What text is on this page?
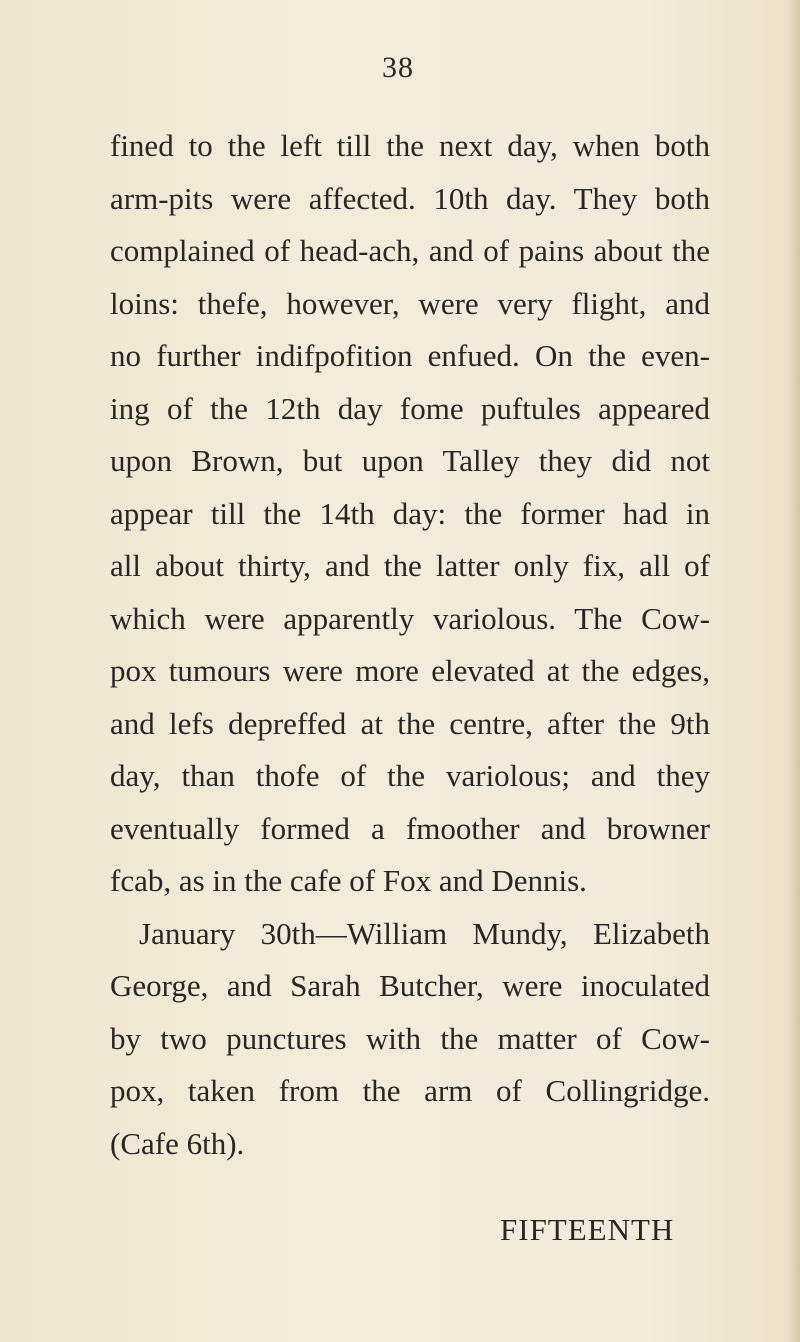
38
fined to the left till the next day, when both
arm-pits were affected. 10th day. They both
complained of head-ach, and of pains about the
loins: thefe, however, were very flight, and
no further indifpofition enfued. On the even-
ing of the 12th day fome puftules appeared
upon Brown, but upon Talley they did not
appear till the 14th day: the former had in
all about thirty, and the latter only fix, all of
which were apparently variolous. The Cow-
pox tumours were more elevated at the edges,
and lefs depreffed at the centre, after the 9th
day, than thofe of the variolous; and they
eventually formed a fmoother and browner
fcab, as in the cafe of Fox and Dennis.
January 30th—William Mundy, Elizabeth
George, and Sarah Butcher, were inoculated
by two punctures with the matter of Cow-
pox, taken from the arm of Collingridge.
(Cafe 6th).
FIFTEENTH
